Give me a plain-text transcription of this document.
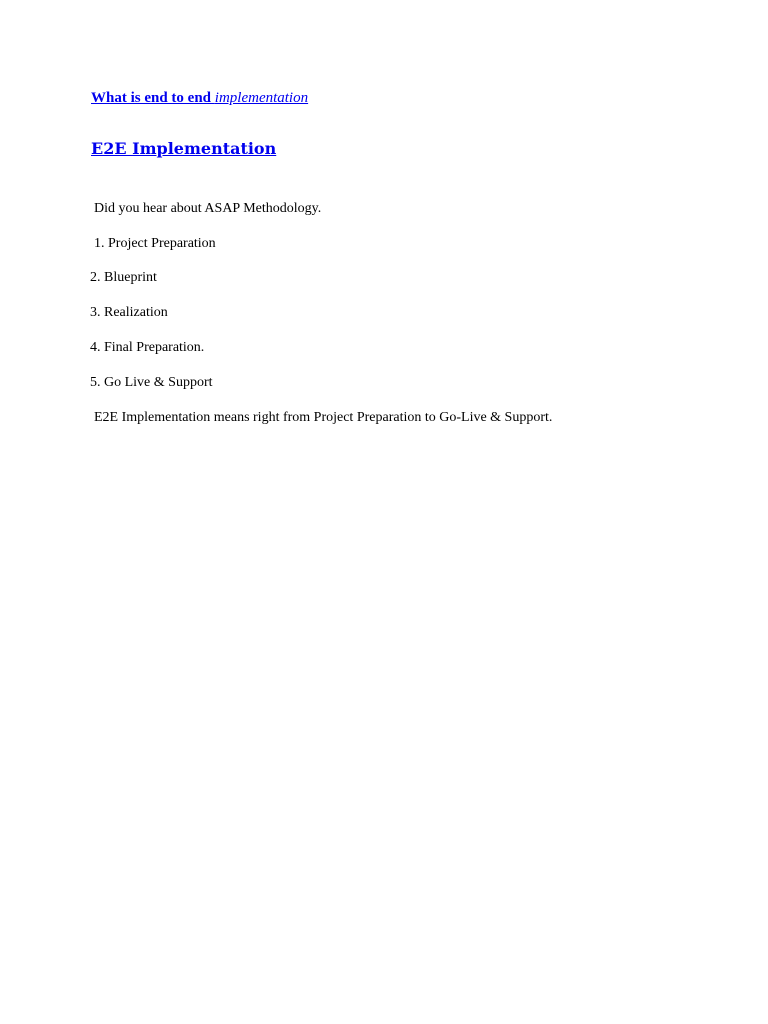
What is end to end implementation
E2E Implementation
Did you hear about ASAP Methodology.
1. Project Preparation
2. Blueprint
3. Realization
4. Final Preparation.
5. Go Live & Support
E2E Implementation means right from Project Preparation to Go-Live & Support.
